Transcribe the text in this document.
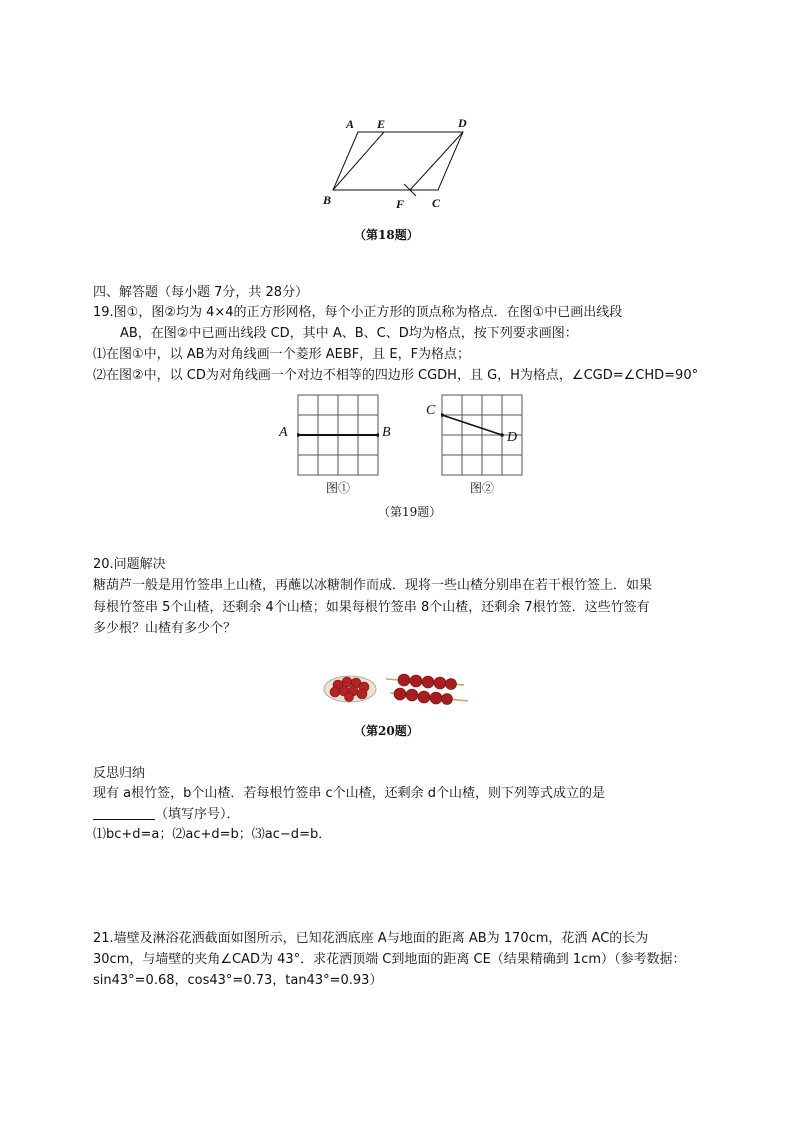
A E	D
B	F C
（第18题）
四、解答题（每小题 7分，共 28分）
19.图①，图②均为 4×4的正方形网格，每个小正方形的顶点称为格点．在图①中已画出线段
AB，在图②中已画出线段 CD，其中 A、B、C、D均为格点，按下列要求画图：
⑴在图①中，以 AB为对角线画一个菱形 AEBF，且 E，F为格点；
⑵在图②中，以 CD为对角线画一个对边不相等的四边形 CGDH，且 G，H为格点，∠CGD=∠CHD=90°
A	B
图①
C
D
图②
（第19题）
20.问题解决
糖葫芦一般是用竹签串上山楂，再蘸以冰糖制作而成．现将一些山楂分别串在若干根竹签上．如果
每根竹签串 5个山楂，还剩余 4个山楂；如果每根竹签串 8个山楂，还剩余 7根竹签．这些竹签有
多少根？山楂有多少个？
（第20题）
反思归纳
现有 a根竹签，b个山楂．若每根竹签串 c个山楂，还剩余 d个山楂，则下列等式成立的是
（填写序号）．
⑴bc+d=a；⑵ac+d=b；⑶ac−d=b．
21.墙壁及淋浴花洒截面如图所示，已知花洒底座 A与地面的距离 AB为 170cm，花洒 AC的长为
30cm，与墙壁的夹角∠CAD为 43°．求花洒顶端 C到地面的距离 CE（结果精确到 1cm）（参考数据：
sin43°=0.68，cos43°=0.73，tan43°=0.93）
